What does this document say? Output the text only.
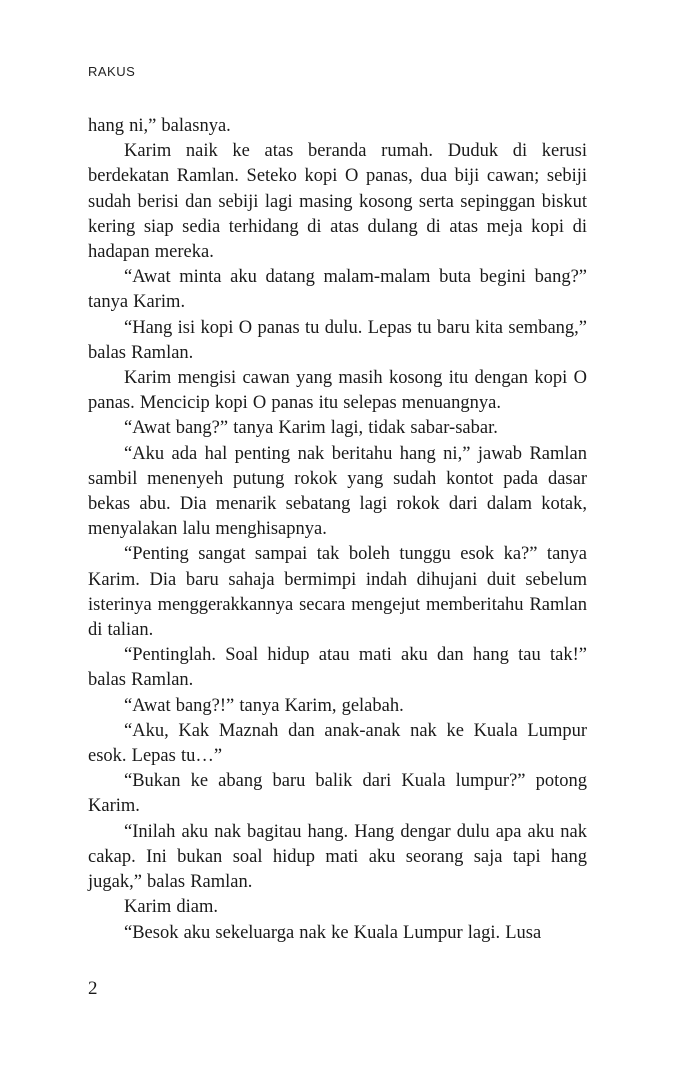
RAKUS

hang ni,” balasnya.

Karim naik ke atas beranda rumah. Duduk di kerusi berdekatan Ramlan. Seteko kopi O panas, dua biji cawan; sebiji sudah berisi dan sebiji lagi masing kosong serta sepinggan biskut kering siap sedia terhidang di atas dulang di atas meja kopi di hadapan mereka.

“Awat minta aku datang malam-malam buta begini bang?” tanya Karim.

“Hang isi kopi O panas tu dulu. Lepas tu baru kita sembang,” balas Ramlan.

Karim mengisi cawan yang masih kosong itu dengan kopi O panas. Mencicip kopi O panas itu selepas menuangnya.

“Awat bang?” tanya Karim lagi, tidak sabar-sabar.

“Aku ada hal penting nak beritahu hang ni,” jawab Ramlan sambil menenyeh putung rokok yang sudah kontot pada dasar bekas abu. Dia menarik sebatang lagi rokok dari dalam kotak, menyalakan lalu menghisapnya.

“Penting sangat sampai tak boleh tunggu esok ka?” tanya Karim. Dia baru sahaja bermimpi indah dihujani duit sebelum isterinya menggerakkannya secara mengejut memberitahu Ramlan di talian.

“Pentinglah. Soal hidup atau mati aku dan hang tau tak!” balas Ramlan.

“Awat bang?!” tanya Karim, gelabah.

“Aku, Kak Maznah dan anak-anak nak ke Kuala Lumpur esok. Lepas tu…”

“Bukan ke abang baru balik dari Kuala lumpur?” potong Karim.

“Inilah aku nak bagitau hang. Hang dengar dulu apa aku nak cakap. Ini bukan soal hidup mati aku seorang saja tapi hang jugak,” balas Ramlan.

Karim diam.

“Besok aku sekeluarga nak ke Kuala Lumpur lagi. Lusa

2
